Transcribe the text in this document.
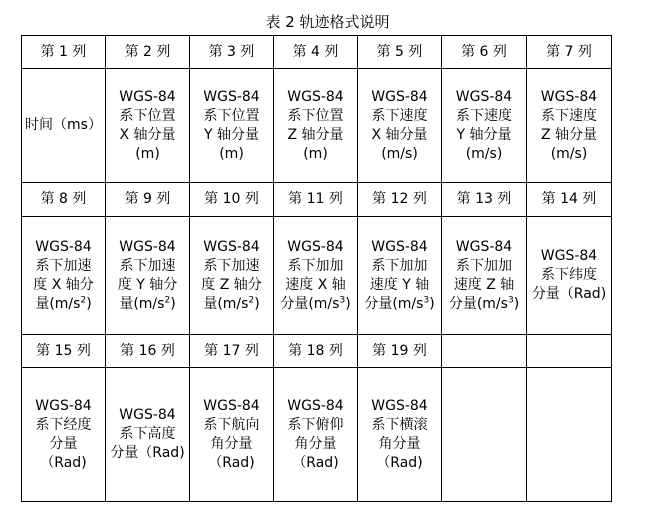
表 2 轨迹格式说明
第 1 列	第 2 列	第 3 列	第 4 列	第 5 列	第 6 列	第 7 列

时间（ms）	WGS-84
系下位置
X 轴分量
(m)	WGS-84
系下位置
Y 轴分量
(m)	WGS-84
系下位置
Z 轴分量
(m)	WGS-84
系下速度
X 轴分量
(m/s)	WGS-84
系下速度
Y 轴分量
(m/s)	WGS-84
系下速度
Z 轴分量
(m/s)

第 8 列	第 9 列	第 10 列	第 11 列	第 12 列	第 13 列	第 14 列

WGS-84
系下加速
度 X 轴分
量$(m/s^2)$	WGS-84
系下加速
度 Y 轴分
量$(m/s^2)$	WGS-84
系下加速
度 Z 轴分
量$(m/s^2)$	WGS-84
系下加加
速度 X 轴
分量$(m/s^3)$	WGS-84
系下加加
速度 Y 轴
分量$(m/s^3)$	WGS-84
系下加加
速度 Z 轴
分量$(m/s^3)$	WGS-84
系下纬度
分量（Rad)

第 15 列	第 16 列	第 17 列	第 18 列	第 19 列		

WGS-84
系下经度
分量
（Rad)	WGS-84
系下高度
分量（Rad)	WGS-84
系下航向
角分量
（Rad)	WGS-84
系下俯仰
角分量
（Rad)	WGS-84
系下横滚
角分量
（Rad)		
